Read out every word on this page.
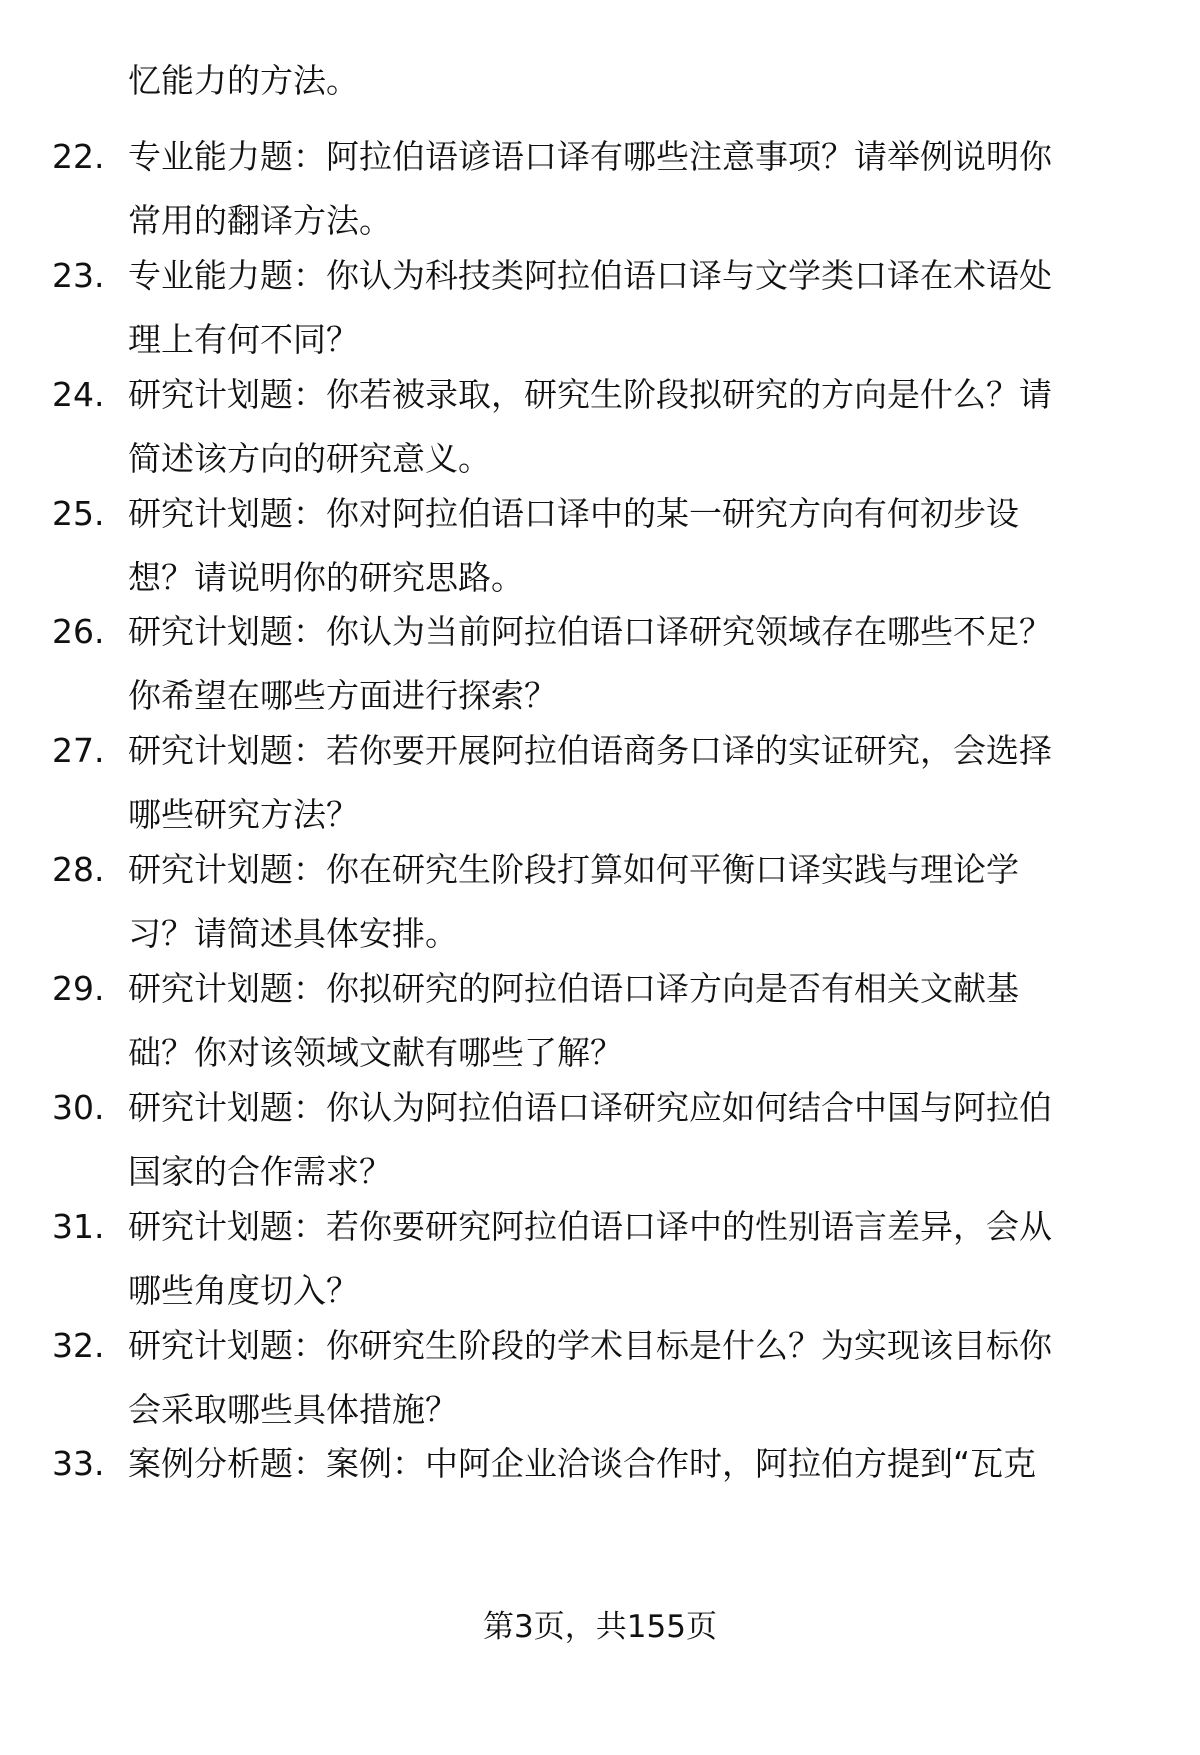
忆能力的方法。
22. 专业能力题：阿拉伯语谚语口译有哪些注意事项？请举例说明你
常用的翻译方法。
23. 专业能力题：你认为科技类阿拉伯语口译与文学类口译在术语处
理上有何不同？
24. 研究计划题：你若被录取，研究生阶段拟研究的方向是什么？请
简述该方向的研究意义。
25. 研究计划题：你对阿拉伯语口译中的某一研究方向有何初步设
想？请说明你的研究思路。
26. 研究计划题：你认为当前阿拉伯语口译研究领域存在哪些不足？
你希望在哪些方面进行探索？
27. 研究计划题：若你要开展阿拉伯语商务口译的实证研究，会选择
哪些研究方法？
28. 研究计划题：你在研究生阶段打算如何平衡口译实践与理论学
习？请简述具体安排。
29. 研究计划题：你拟研究的阿拉伯语口译方向是否有相关文献基
础？你对该领域文献有哪些了解？
30. 研究计划题：你认为阿拉伯语口译研究应如何结合中国与阿拉伯
国家的合作需求？
31. 研究计划题：若你要研究阿拉伯语口译中的性别语言差异，会从
哪些角度切入？
32. 研究计划题：你研究生阶段的学术目标是什么？为实现该目标你
会采取哪些具体措施？
33. 案例分析题：案例：中阿企业洽谈合作时，阿拉伯方提到“瓦克
第3页，共155页
